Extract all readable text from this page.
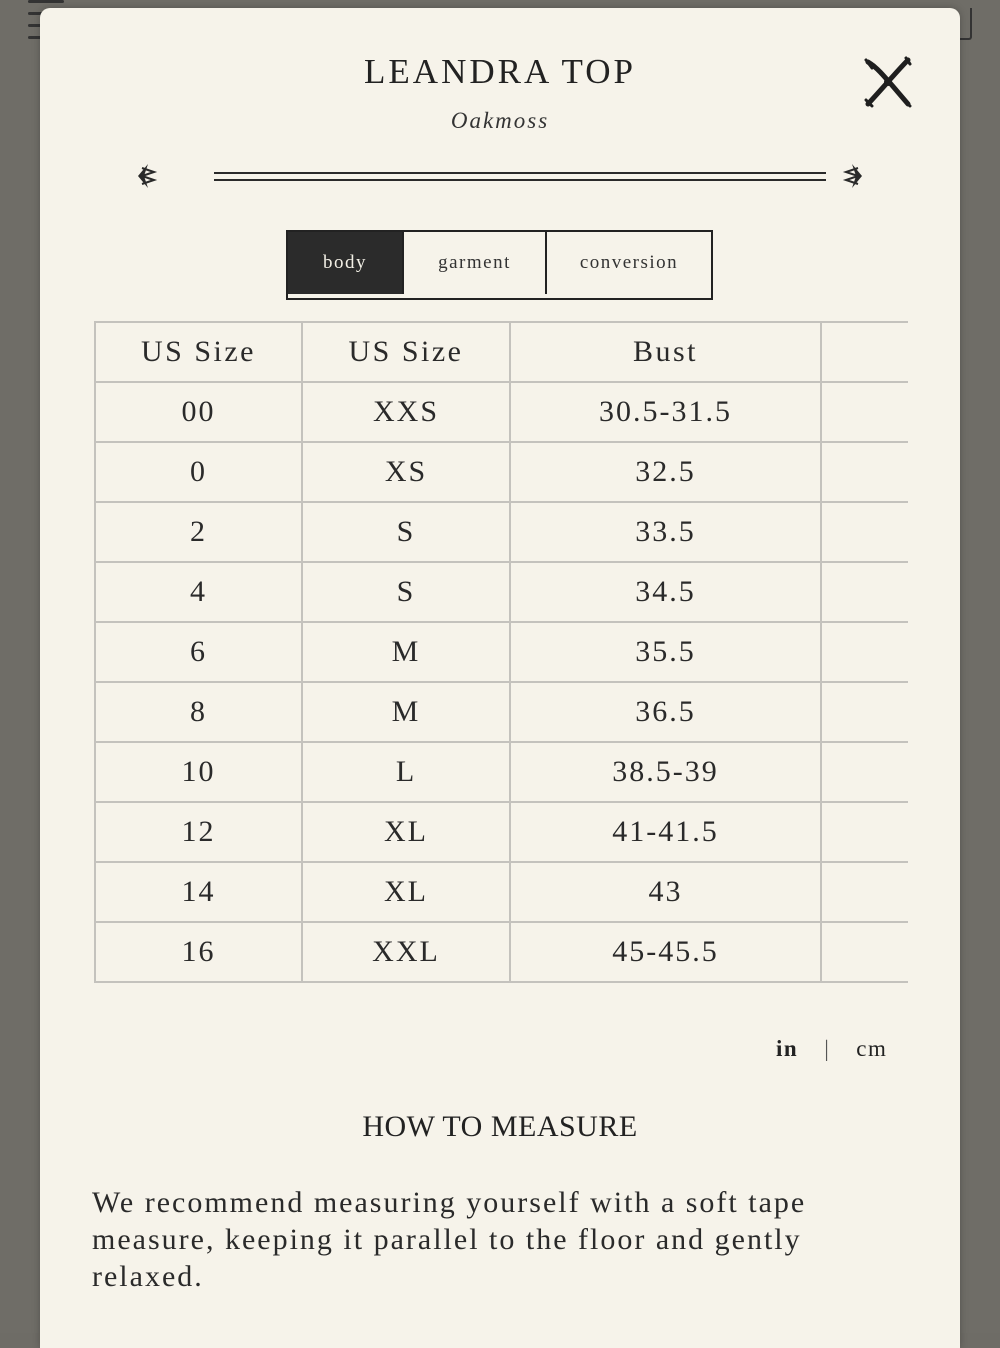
LEANDRA TOP
Oakmoss
body	garment	conversion
US Size	US Size	Bust	
00	XXS	30.5-31.5	
0	XS	32.5	
2	S	33.5	
4	S	34.5	
6	M	35.5	
8	M	36.5	
10	L	38.5-39	
12	XL	41-41.5	
14	XL	43	
16	XXL	45-45.5	
in | cm
HOW TO MEASURE
We recommend measuring yourself with a soft tape measure, keeping it parallel to the floor and gently relaxed.
